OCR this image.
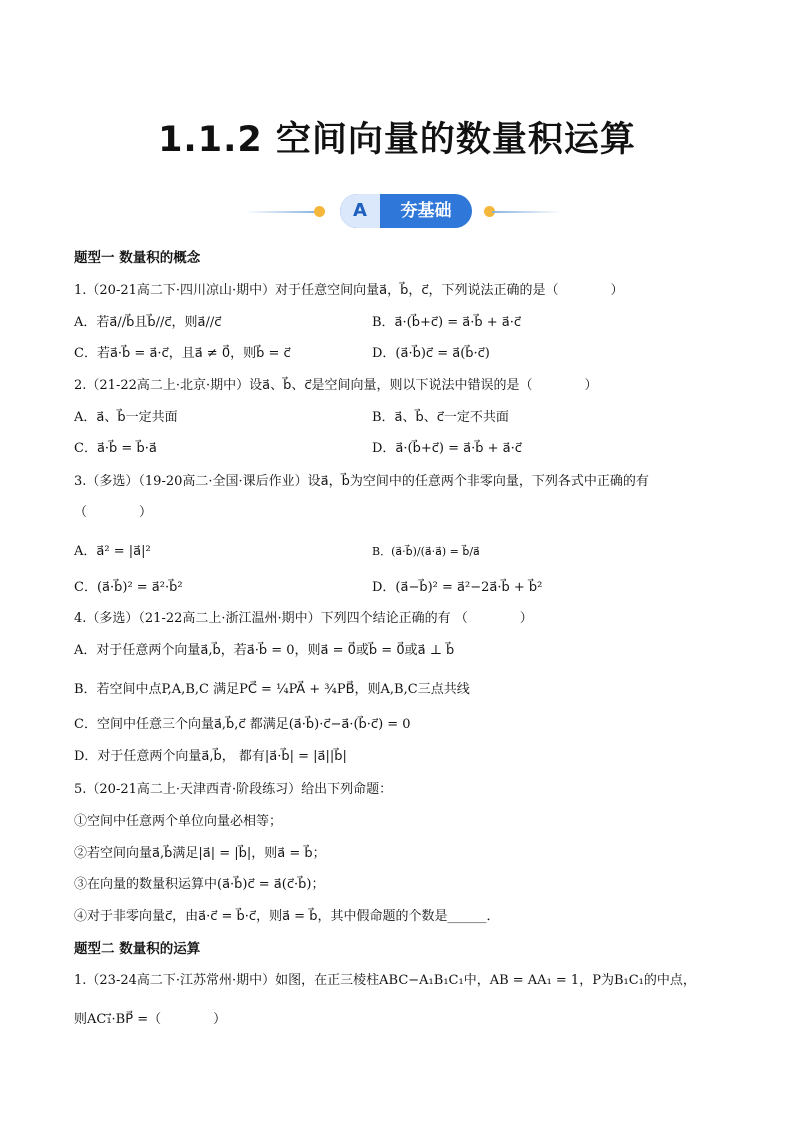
1.1.2 空间向量的数量积运算
A	夯基础
题型一 数量积的概念
1.（20-21高二下·四川凉山·期中）对于任意空间向量a⃗，b⃗，c⃗，下列说法正确的是（　　　　）
A．若a⃗//b⃗且b⃗//c⃗，则a⃗//c⃗	B．a⃗·(b⃗+c⃗) = a⃗·b⃗ + a⃗·c⃗
C．若a⃗·b⃗ = a⃗·c⃗，且a⃗ ≠ 0⃗，则b⃗ = c⃗	D．(a⃗·b⃗)c⃗ = a⃗(b⃗·c⃗)
2.（21-22高二上·北京·期中）设a⃗、b⃗、c⃗是空间向量，则以下说法中错误的是（　　　　）
A．a⃗、b⃗一定共面	B．a⃗、b⃗、c⃗一定不共面
C．a⃗·b⃗ = b⃗·a⃗	D．a⃗·(b⃗+c⃗) = a⃗·b⃗ + a⃗·c⃗
3.（多选）（19-20高二·全国·课后作业）设a⃗，b⃗为空间中的任意两个非零向量，下列各式中正确的有
（　　　　）
A．a⃗² = |a⃗|²	B．(a⃗·b⃗)/(a⃗·a⃗) = b⃗/a⃗
C．(a⃗·b⃗)² = a⃗²·b⃗²	D．(a⃗−b⃗)² = a⃗²−2a⃗·b⃗ + b⃗²
4.（多选）（21-22高二上·浙江温州·期中）下列四个结论正确的有 （　　　　）
A．对于任意两个向量a⃗,b⃗，若a⃗·b⃗ = 0，则a⃗ = 0⃗或b⃗ = 0⃗或a⃗ ⊥ b⃗
B．若空间中点P,A,B,C 满足PC⃗ = ¼PA⃗ + ¾PB⃗，则A,B,C三点共线
C．空间中任意三个向量a⃗,b⃗,c⃗ 都满足(a⃗·b⃗)·c⃗−a⃗·(b⃗·c⃗) = 0
D．对于任意两个向量a⃗,b⃗， 都有|a⃗·b⃗| = |a⃗||b⃗|
5.（20-21高二上·天津西青·阶段练习）给出下列命题：
①空间中任意两个单位向量必相等；
②若空间向量a⃗,b⃗满足|a⃗| = |b⃗|，则a⃗ = b⃗；
③在向量的数量积运算中(a⃗·b⃗)c⃗ = a⃗(c⃗·b⃗)；
④对于非零向量c⃗，由a⃗·c⃗ = b⃗·c⃗，则a⃗ = b⃗，其中假命题的个数是______．
题型二 数量积的运算
1.（23-24高二下·江苏常州·期中）如图，在正三棱柱ABC−A₁B₁C₁中，AB = AA₁ = 1，P为B₁C₁的中点，
则AC₁⃗·BP⃗ =（　　　　）
